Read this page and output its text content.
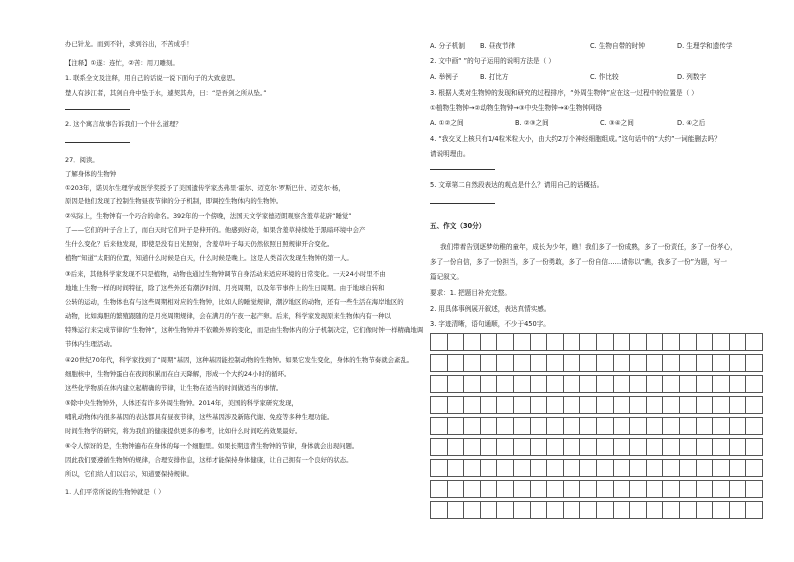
办已针龙。而到不针，求到谷出，不苦成乎！
【注释】①遂：连忙，②苦：用刀雕刻。
1. 联系全文及注释，用自己的话说一说下面句子的大致意思。
楚人有涉江者，其剑自舟中坠于水，遽契其舟，曰：“是吾剑之所从坠。”
2. 这个寓言故事告诉我们一个什么道理？
27．阅读。
了解身体的生物钟
①203年，诺贝尔生理学或医学奖授予了美国遗传学家杰弗里·霍尔、迈克尔·罗斯巴什、迈克尔·杨，
原因是他们发现了控制生物昼夜节律的分子机制，即调控生物体内的生物钟。
②实际上，生物钟有一个巧合的命名。392年的一个傍晚，法国天文学家德迈朗观察含羞草花辟“睡觉”
了——它们的叶子合上了，而白天时它们叶子是伸开的。他感到好奇，如果含羞草持续处于黑暗环境中会产
生什么变化？后来他发现，即使是没有日光照射，含羞草叶子每天仍然依照日照规律开合变化。
植物“知道”太阳的位置，知道什么时候是白天，什么时候是晚上。这是人类首次发现生物钟的第一人。
③后来，其他科学家发现不只是植物，动物也通过生物钟调节自身活动来适应环境的日常变化。一天24小时里不由
地地上生物一样的时间特征，除了这些外还有潮汐时间、月亮周期，以及年节事件上的生日周期。由于地球自转和
公转的运动，生物体也有与这些周期相对应的生物钟，比如人的睡觉规律，潮汐地区的动物，还有一些生活在海岸地区的
动物，比如海胆的繁殖跟随的是月亮周期规律，会在满月的午夜一起产卵。后来，科学家发现原来生物体内有一种以
特殊运行来完成节律的“生物钟”，这种生物钟并不依赖外界的变化，而是由生物体内的分子机制决定，它们像时钟一样精确地调
节体内生理活动。
④20世纪70年代，科学家找到了“周期”基因，这种基因能控制动物的生物钟。如果它发生变化，身体的生物节奏就会紊乱。
细胞核中，生物钟蛋白在夜间积累而在白天降解，形成一个大约24小时的循环。
这些化学物质在体内建立起精确的节律，让生物在适当的时间做适当的事情。
⑤除中央生物钟外，人体还有许多外周生物钟。2014年，美国的科学家研究发现，
哺乳动物体内很多基因的表达都具有昼夜节律，这些基因涉及新陈代谢、免疫等多种生理功能。
时间生物学的研究，将为我们的健康提供更多的参考，比如什么时间吃药效果最好。
⑥令人惊讶的是，生物钟遍布在身体的每一个细胞里。如果长期违背生物钟的节律，身体就会出现问题。
因此我们要遵循生物钟的规律，合理安排作息，这样才能保持身体健康，让自己拥有一个良好的状态。
所以，它们给人们以启示，知道要保持规律。
1. 人们平常所说的生物钟就是（ ）
A. 分子机制 B. 昼夜节律	C. 生物自带的时钟	D. 生理学和遗传学
2. 文中画“ ”的句子运用的说明方法是（ ）
A. 举例子	B. 打比方	C. 作比较	D. 列数字
3. 根据人类对生物钟的发现和研究的过程排序，“外周生物钟”应在这一过程中的位置是（ ）
①植物生物钟→②动物生物钟→③中央生物钟→④生物钟网络
A. ①②之间	B. ②③之间	C. ③④之间	D. ④之后
4. “我交叉上核只有1/4粒米粒大小，由大约2万个神经细胞组成。”这句话中的“大约”一词能删去吗？
请说明理由。
5. 文章第二自然段表达的观点是什么？请用自己的话概括。
五、作文（30分）
我们带着告别逐梦幼稚的童年，成长为少年，瞧！我们多了一份成熟，多了一份责任，多了一份孝心，
多了一份自信，多了一份担当，多了一份勇敢，多了一份自信……请你以“瞧，我多了一份”为题，写一
篇记叙文。
要求：1. 把题目补充完整。
2. 用具体事例展开叙述，表达真情实感。
3. 字迹清晰，语句通顺，不少于450字。
